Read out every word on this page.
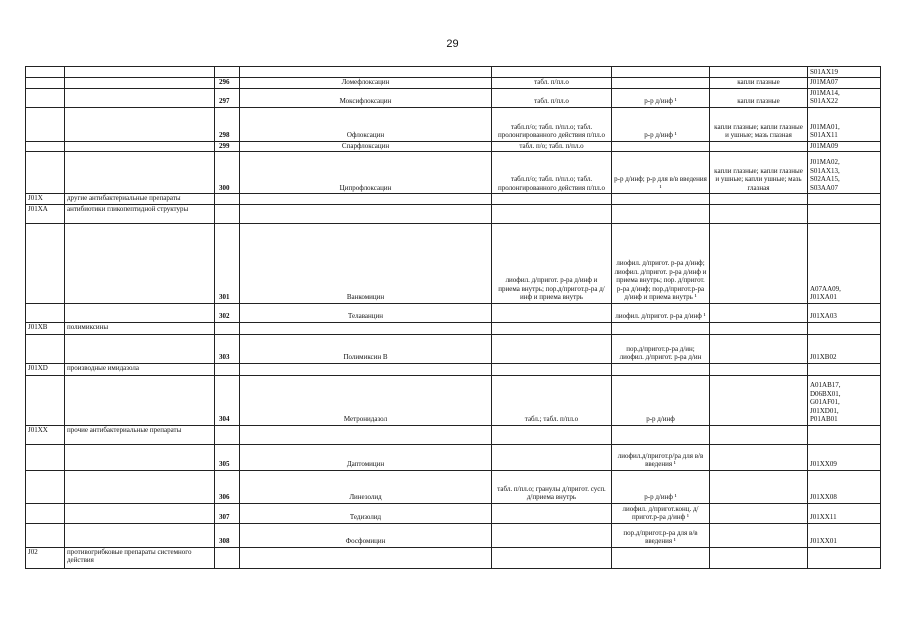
29
							S01AX19
		296	Ломефлоксацин	табл. п/пл.о		капли глазные	J01MA07
		297	Моксифлоксацин	табл. п/пл.о	р-р д/инф ¹	капли глазные	J01MA14,
S01AX22
		298	Офлоксацин	табл.п/о; табл. п/пл.о; табл. пролонгированного действия п/пл.о	р-р д/инф ¹	капли глазные; капли глазные и ушные; мазь глазная	J01MA01,
S01AX11
		299	Спарфлоксацин	табл. п/о; табл. п/пл.о			J01MA09
		300	Ципрофлоксацин	табл.п/о; табл. п/пл.о; табл. пролонгированного действия п/пл.о	р-р д/инф; р-р для в/в введения ¹	капли глазные; капли глазные и ушные; капли ушные; мазь глазная	J01MA02,
S01AX13,
S02AA15,
S03AA07
J01X	другие антибактериальные препараты						
J01XA	антибиотики гликопептидной структуры						
		301	Ванкомицин	лиофил. д/пригот. р-ра д/инф и приема внутрь; пор.д/пригот.р-ра д/инф и приема внутрь	лиофил. д/пригот. р-ра д/инф; лиофил. д/пригот. р-ра д/инф и приема внутрь; пор. д/пригот. р-ра д/инф; пор.д/пригот.р-ра д/инф и приема внутрь ¹		A07AA09,
J01XA01
		302	Телаванцин		лиофил. д/пригот. р-ра д/инф ¹		J01XA03
J01XB	полимиксины						
		303	Полимиксин В		пор.д/пригот.р-ра д/ин; лиофил. д/пригот. р-ра д/ин		J01XB02
J01XD	производные имидазола						
		304	Метронидазол	табл.; табл. п/пл.о	р-р д/инф		A01AB17,
D06BX01,
G01AF01,
J01XD01,
P01AB01
J01XX	прочие антибактериальные препараты						
		305	Даптомицин		лиофил.д/пригот.р/ра для в/в введения ¹		J01XX09
		306	Линезолид	табл. п/пл.о; гранулы д/пригот. сусп. д/приема внутрь	р-р д/инф ¹		J01XX08
		307	Тедизолид		лиофил. д/пригот.конц. д/пригот.р-ра д/инф ¹		J01XX11
		308	Фосфомицин		пор.д/пригот.р-ра для в/в введения ¹		J01XX01
J02	противогрибковые препараты системного действия						
